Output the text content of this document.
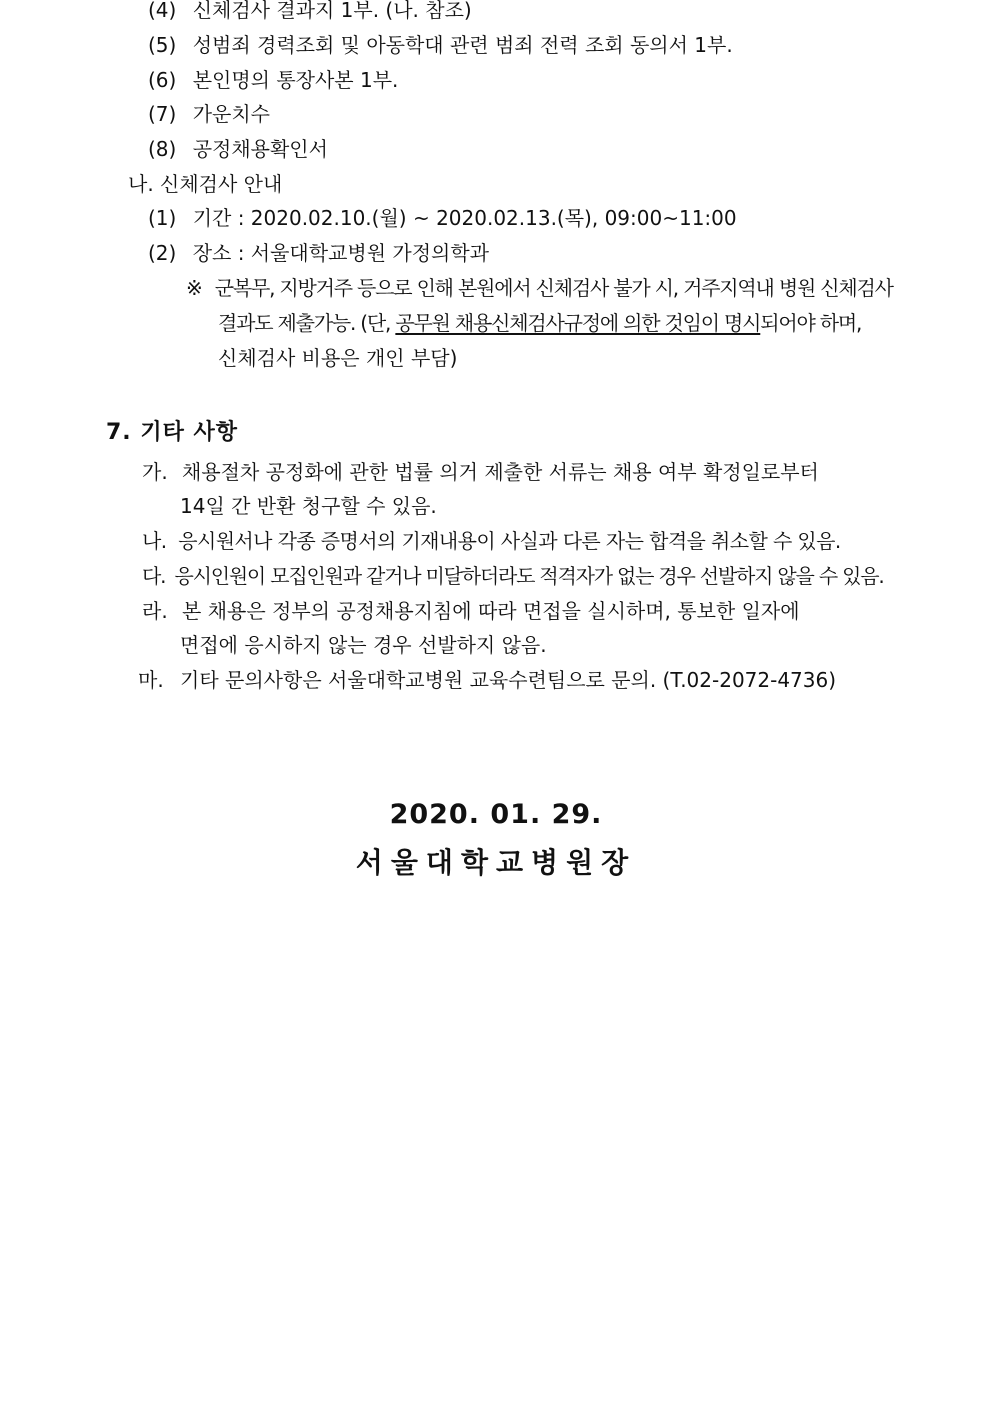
(4) 신체검사 결과지 1부. (나. 참조)
(5) 성범죄 경력조회 및 아동학대 관련 범죄 전력 조회 동의서 1부.
(6) 본인명의 통장사본 1부.
(7) 가운치수
(8) 공정채용확인서
나. 신체검사 안내
(1) 기간 : 2020.02.10.(월) ~ 2020.02.13.(목), 09:00~11:00
(2) 장소 : 서울대학교병원 가정의학과
※ 군복무, 지방거주 등으로 인해 본원에서 신체검사 불가 시, 거주지역내 병원 신체검사
결과도 제출가능. (단, 공무원 채용신체검사규정에 의한 것임이 명시되어야 하며,
신체검사 비용은 개인 부담)
7. 기타 사항
가. 채용절차 공정화에 관한 법률 의거 제출한 서류는 채용 여부 확정일로부터
14일 간 반환 청구할 수 있음.
나. 응시원서나 각종 증명서의 기재내용이 사실과 다른 자는 합격을 취소할 수 있음.
다. 응시인원이 모집인원과 같거나 미달하더라도 적격자가 없는 경우 선발하지 않을 수 있음.
라. 본 채용은 정부의 공정채용지침에 따라 면접을 실시하며, 통보한 일자에
면접에 응시하지 않는 경우 선발하지 않음.
마. 기타 문의사항은 서울대학교병원 교육수련팀으로 문의. (T.02-2072-4736)
2020. 01. 29.
서울대학교병원장
